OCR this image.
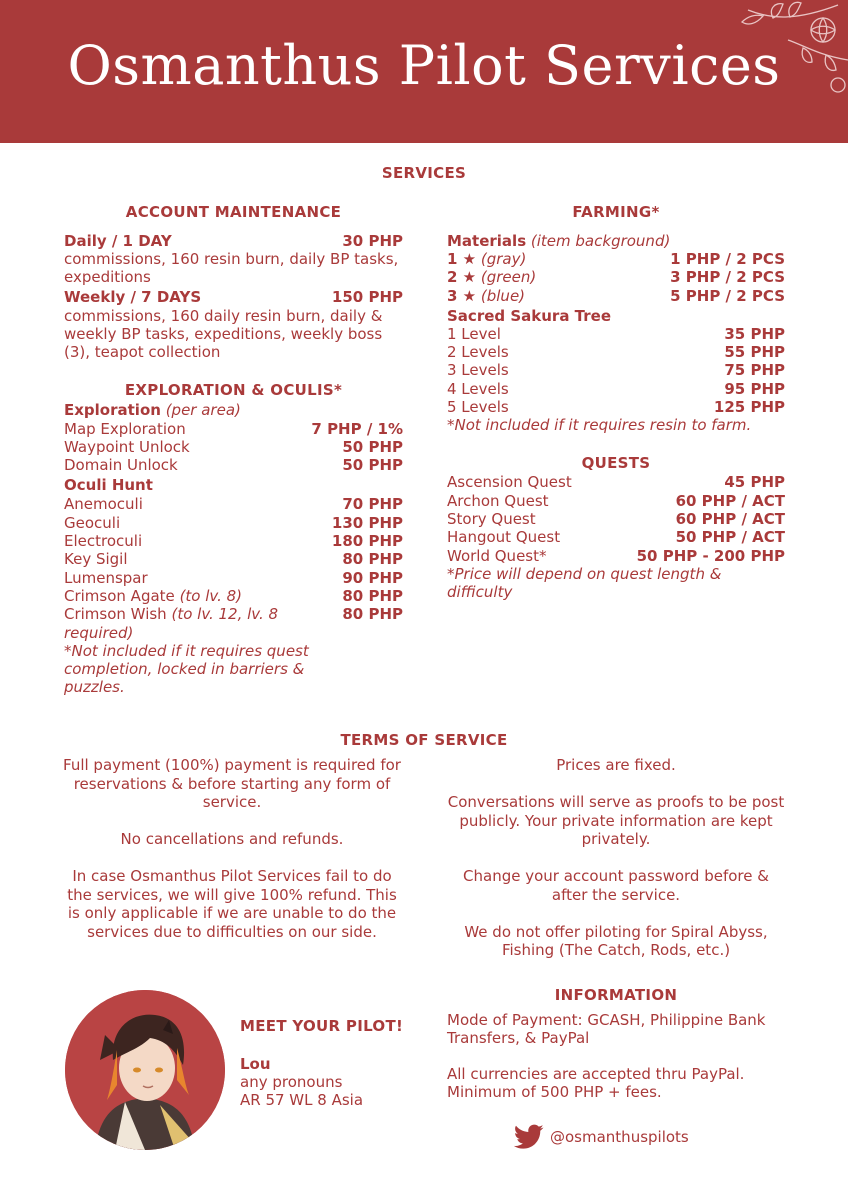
Osmanthus Pilot Services
SERVICES
ACCOUNT MAINTENANCE
Daily / 1 DAY	30 PHP
commissions, 160 resin burn, daily BP tasks, expeditions
Weekly / 7 DAYS	150 PHP
commissions, 160 daily resin burn, daily & weekly BP tasks, expeditions, weekly boss (3), teapot collection
EXPLORATION & OCULIS*
Exploration (per area)
Map Exploration	7 PHP / 1%
Waypoint Unlock	50 PHP
Domain Unlock	50 PHP
Oculi Hunt
Anemoculi	70 PHP
Geoculi	130 PHP
Electroculi	180 PHP
Key Sigil	80 PHP
Lumenspar	90 PHP
Crimson Agate (to lv. 8)	80 PHP
Crimson Wish (to lv. 12, lv. 8 required)
80 PHP
*Not included if it requires quest completion, locked in barriers & puzzles.
FARMING*
Materials (item background)
1 ★ (gray)	1 PHP / 2 PCS
2 ★ (green)	3 PHP / 2 PCS
3 ★ (blue)	5 PHP / 2 PCS
Sacred Sakura Tree
1 Level	35 PHP
2 Levels	55 PHP
3 Levels	75 PHP
4 Levels	95 PHP
5 Levels	125 PHP
*Not included if it requires resin to farm.
QUESTS
Ascension Quest	45 PHP
Archon Quest	60 PHP / ACT
Story Quest	60 PHP / ACT
Hangout Quest	50 PHP / ACT
World Quest*	50 PHP - 200 PHP
*Price will depend on quest length & difficulty
TERMS OF SERVICE

Full payment (100%) payment is required for reservations & before starting any form of service.

No cancellations and refunds.

In case Osmanthus Pilot Services fail to do the services, we will give 100% refund. This is only applicable if we are unable to do the services due to difficulties on our side.

Prices are fixed.

Conversations will serve as proofs to be post publicly. Your private information are kept privately.

Change your account password before & after the service.

We do not offer piloting for Spiral Abyss, Fishing (The Catch, Rods, etc.)

MEET YOUR PILOT!
Lou
any pronouns
AR 57 WL 8 Asia
INFORMATION
Mode of Payment: GCASH, Philippine Bank Transfers, & PayPal
All currencies are accepted thru PayPal. Minimum of 500 PHP + fees.
@osmanthuspilots
